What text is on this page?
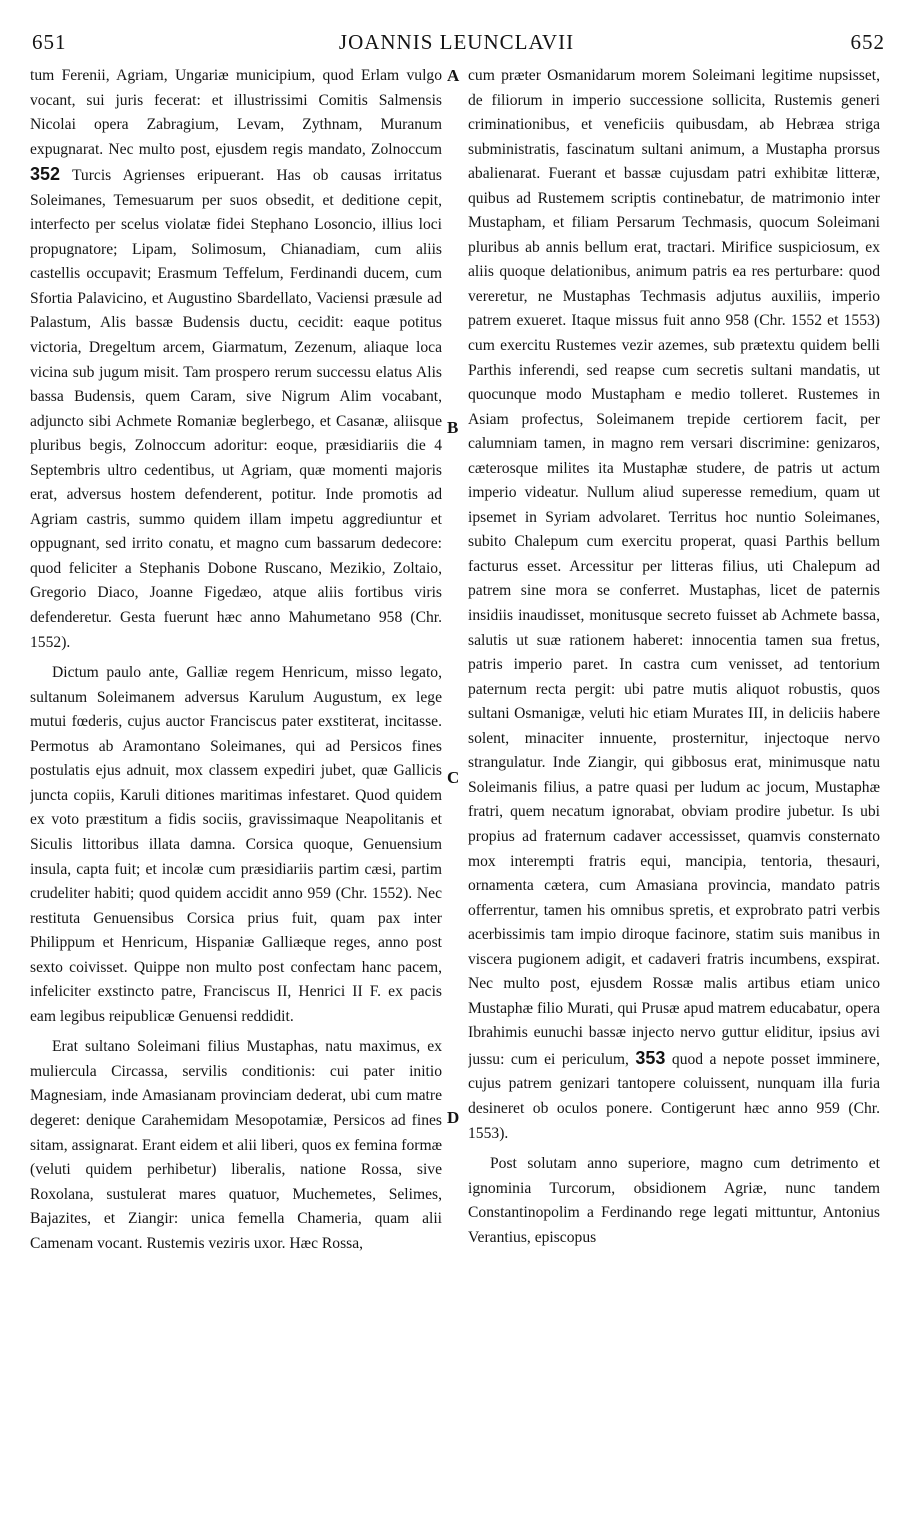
651	JOANNIS LEUNCLAVII	652
A
B
C
D

tum Ferenii, Agriam, Ungariæ municipium, quod Erlam vulgo vocant, sui juris fecerat: et illustrissimi Comitis Salmensis Nicolai opera Zabragium, Levam, Zythnam, Muranum expugnarat. Nec multo post, ejusdem regis mandato, Zolnoccum 352 Turcis Agrienses eripuerant. Has ob causas irritatus Soleimanes, Temesuarum per suos obsedit, et deditione cepit, interfecto per scelus violatæ fidei Stephano Losoncio, illius loci propugnatore; Lipam, Solimosum, Chianadiam, cum aliis castellis occupavit; Erasmum Teffelum, Ferdinandi ducem, cum Sfortia Palavicino, et Augustino Sbardellato, Vaciensi præsule ad Palastum, Alis bassæ Budensis ductu, cecidit: eaque potitus victoria, Dregeltum arcem, Giarmatum, Zezenum, aliaque loca vicina sub jugum misit. Tam prospero rerum successu elatus Alis bassa Budensis, quem Caram, sive Nigrum Alim vocabant, adjuncto sibi Achmete Romaniæ beglerbego, et Casanæ, aliisque pluribus begis, Zolnoccum adoritur: eoque, præsidiariis die 4 Septembris ultro cedentibus, ut Agriam, quæ momenti majoris erat, adversus hostem defenderent, potitur. Inde promotis ad Agriam castris, summo quidem illam impetu aggrediuntur et oppugnant, sed irrito conatu, et magno cum bassarum dedecore: quod feliciter a Stephanis Dobone Ruscano, Mezikio, Zoltaio, Gregorio Diaco, Joanne Figedæo, atque aliis fortibus viris defenderetur. Gesta fuerunt hæc anno Mahumetano 958 (Chr. 1552).

Dictum paulo ante, Galliæ regem Henricum, misso legato, sultanum Soleimanem adversus Karulum Augustum, ex lege mutui fœderis, cujus auctor Franciscus pater exstiterat, incitasse. Permotus ab Aramontano Soleimanes, qui ad Persicos fines postulatis ejus adnuit, mox classem expediri jubet, quæ Gallicis juncta copiis, Karuli ditiones maritimas infestaret. Quod quidem ex voto præstitum a fidis sociis, gravissimaque Neapolitanis et Siculis littoribus illata damna. Corsica quoque, Genuensium insula, capta fuit; et incolæ cum præsidiariis partim cæsi, partim crudeliter habiti; quod quidem accidit anno 959 (Chr. 1552). Nec restituta Genuensibus Corsica prius fuit, quam pax inter Philippum et Henricum, Hispaniæ Galliæque reges, anno post sexto coivisset. Quippe non multo post confectam hanc pacem, infeliciter exstincto patre, Franciscus II, Henrici II F. ex pacis eam legibus reipublicæ Genuensi reddidit.

Erat sultano Soleimani filius Mustaphas, natu maximus, ex muliercula Circassa, servilis conditionis: cui pater initio Magnesiam, inde Amasianam provinciam dederat, ubi cum matre degeret: denique Carahemidam Mesopotamiæ, Persicos ad fines sitam, assignarat. Erant eidem et alii liberi, quos ex femina formæ (veluti quidem perhibetur) liberalis, natione Rossa, sive Roxolana, sustulerat mares quatuor, Muchemetes, Selimes, Bajazites, et Ziangir: unica femella Chameria, quam alii Camenam vocant. Rustemis veziris uxor. Hæc Rossa,

cum præter Osmanidarum morem Soleimani legitime nupsisset, de filiorum in imperio successione sollicita, Rustemis generi criminationibus, et veneficiis quibusdam, ab Hebræa striga subministratis, fascinatum sultani animum, a Mustapha prorsus abalienarat. Fuerant et bassæ cujusdam patri exhibitæ litteræ, quibus ad Rustemem scriptis continebatur, de matrimonio inter Mustapham, et filiam Persarum Techmasis, quocum Soleimani pluribus ab annis bellum erat, tractari. Mirifice suspiciosum, ex aliis quoque delationibus, animum patris ea res perturbare: quod vereretur, ne Mustaphas Techmasis adjutus auxiliis, imperio patrem exueret. Itaque missus fuit anno 958 (Chr. 1552 et 1553) cum exercitu Rustemes vezir azemes, sub prætextu quidem belli Parthis inferendi, sed reapse cum secretis sultani mandatis, ut quocunque modo Mustapham e medio tolleret. Rustemes in Asiam profectus, Soleimanem trepide certiorem facit, per calumniam tamen, in magno rem versari discrimine: genizaros, cæterosque milites ita Mustaphæ studere, de patris ut actum imperio videatur. Nullum aliud superesse remedium, quam ut ipsemet in Syriam advolaret. Territus hoc nuntio Soleimanes, subito Chalepum cum exercitu properat, quasi Parthis bellum facturus esset. Arcessitur per litteras filius, uti Chalepum ad patrem sine mora se conferret. Mustaphas, licet de paternis insidiis inaudisset, monitusque secreto fuisset ab Achmete bassa, salutis ut suæ rationem haberet: innocentia tamen sua fretus, patris imperio paret. In castra cum venisset, ad tentorium paternum recta pergit: ubi patre mutis aliquot robustis, quos sultani Osmanigæ, veluti hic etiam Murates III, in deliciis habere solent, minaciter innuente, prosternitur, injectoque nervo strangulatur. Inde Ziangir, qui gibbosus erat, minimusque natu Soleimanis filius, a patre quasi per ludum ac jocum, Mustaphæ fratri, quem necatum ignorabat, obviam prodire jubetur. Is ubi propius ad fraternum cadaver accessisset, quamvis consternato mox interempti fratris equi, mancipia, tentoria, thesauri, ornamenta cætera, cum Amasiana provincia, mandato patris offerrentur, tamen his omnibus spretis, et exprobrato patri verbis acerbissimis tam impio diroque facinore, statim suis manibus in viscera pugionem adigit, et cadaveri fratris incumbens, exspirat. Nec multo post, ejusdem Rossæ malis artibus etiam unico Mustaphæ filio Murati, qui Prusæ apud matrem educabatur, opera Ibrahimis eunuchi bassæ injecto nervo guttur eliditur, ipsius avi jussu: cum ei periculum, 353 quod a nepote posset imminere, cujus patrem genizari tantopere coluissent, nunquam illa furia desineret ob oculos ponere. Contigerunt hæc anno 959 (Chr. 1553).

Post solutam anno superiore, magno cum detrimento et ignominia Turcorum, obsidionem Agriæ, nunc tandem Constantinopolim a Ferdinando rege legati mittuntur, Antonius Verantius, episcopus
